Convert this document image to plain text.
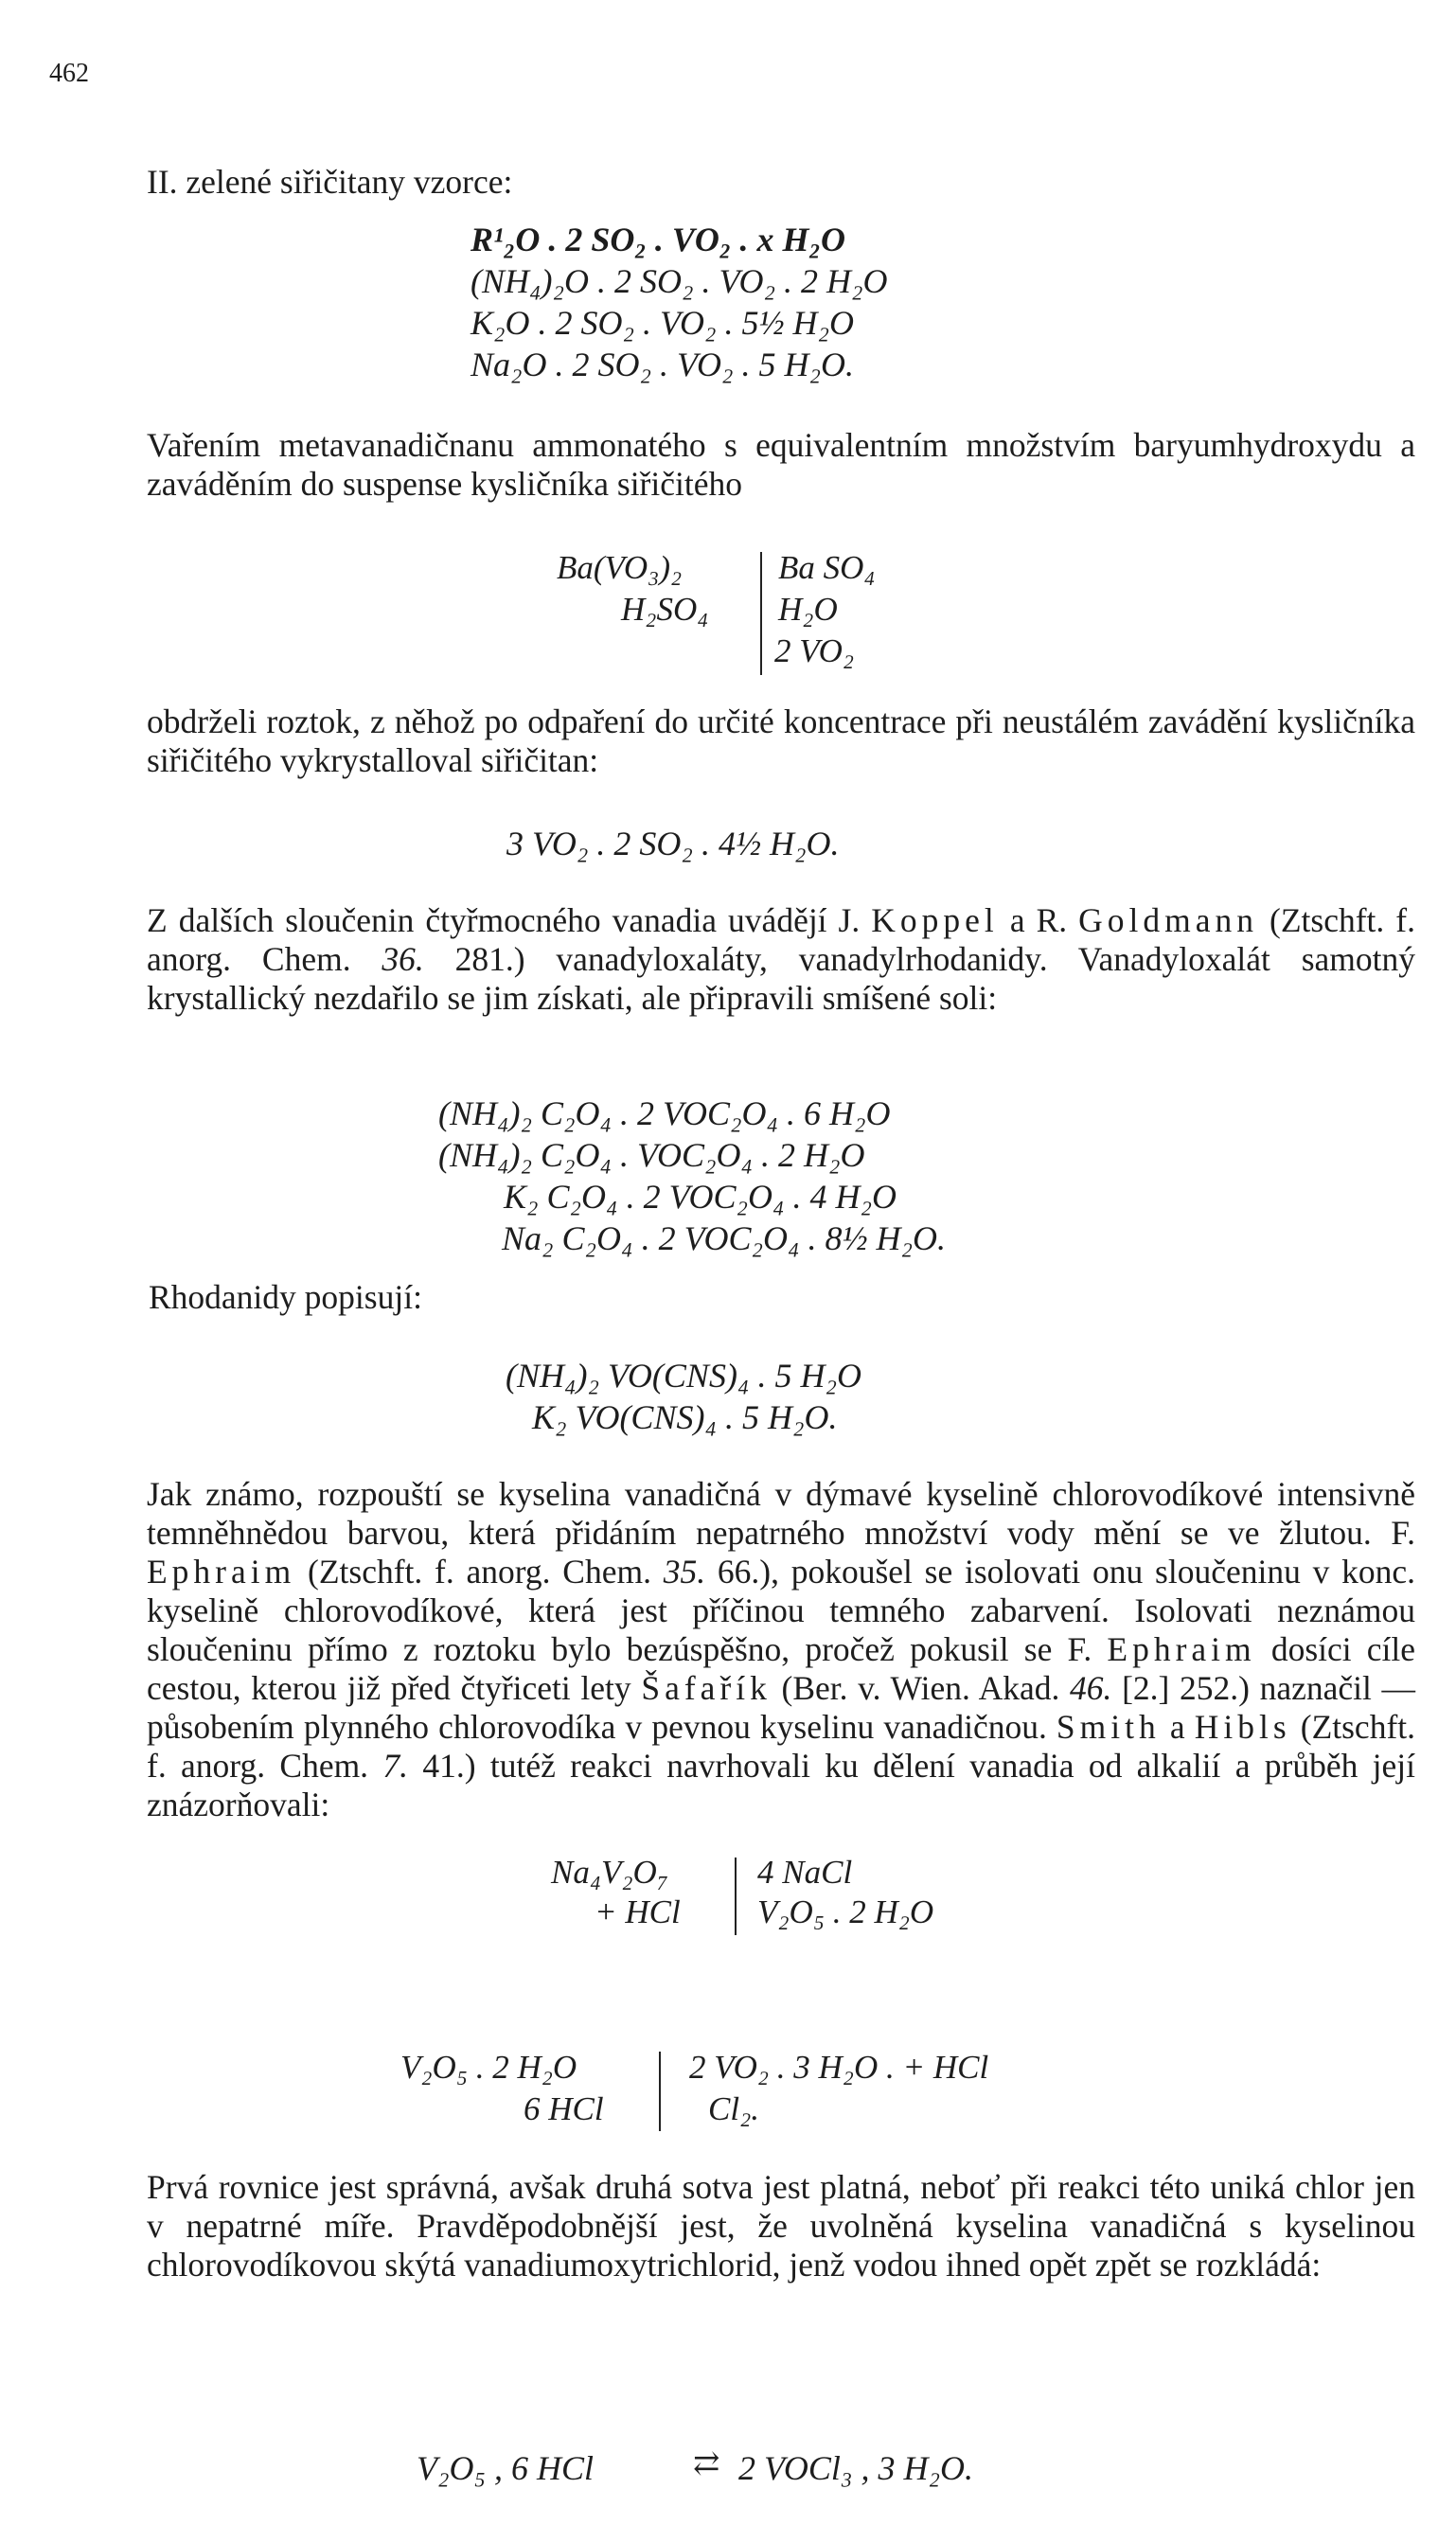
462
II. zelené siřičitany vzorce:
R¹₂O . 2 SO₂ . VO₂ . x H₂O
(NH₄)₂O . 2 SO₂ . VO₂ . 2 H₂O
K₂O . 2 SO₂ . VO₂ . 5½ H₂O
Na₂O . 2 SO₂ . VO₂ . 5 H₂O.
Vařením metavanadičnanu ammonatého s equivalentním množstvím baryumhydroxydu a zaváděním do suspense kysličníka siřičitého
Ba(VO₃)₂
H₂SO₄
Ba SO₄
H₂O
2 VO₂
obdrželi roztok, z něhož po odpaření do určité koncentrace při neustálém zavádění kysličníka siřičitého vykrystalloval siřičitan:
3 VO₂ . 2 SO₂ . 4½ H₂O.
Z dalších sloučenin čtyřmocného vanadia uvádějí J. Koppel a R. Goldmann (Ztschft. f. anorg. Chem. 36. 281.) vanadyloxaláty, vanadylrhodanidy. Vanadyloxalát samotný krystallický nezdařilo se jim získati, ale připravili smíšené soli:
(NH₄)₂ C₂O₄ . 2 VOC₂O₄ . 6 H₂O
(NH₄)₂ C₂O₄ . VOC₂O₄ . 2 H₂O
K₂ C₂O₄ . 2 VOC₂O₄ . 4 H₂O
Na₂ C₂O₄ . 2 VOC₂O₄ . 8½ H₂O.
Rhodanidy popisují:
(NH₄)₂ VO(CNS)₄ . 5 H₂O
K₂ VO(CNS)₄ . 5 H₂O.
Jak známo, rozpouští se kyselina vanadičná v dýmavé kyselině chlorovodíkové intensivně temněhnědou barvou, která přidáním nepatrného množství vody mění se ve žlutou. F. Ephraim (Ztschft. f. anorg. Chem. 35. 66.), pokoušel se isolovati onu sloučeninu v konc. kyselině chlorovodíkové, která jest příčinou temného zabarvení. Isolovati neznámou sloučeninu přímo z roztoku bylo bezúspěšno, pročež pokusil se F. Ephraim dosíci cíle cestou, kterou již před čtyřiceti lety Šafařík (Ber. v. Wien. Akad. 46. [2.] 252.) naznačil — působením plynného chlorovodíka v pevnou kyselinu vanadičnou. Smith a Hibls (Ztschft. f. anorg. Chem. 7. 41.) tutéž reakci navrhovali ku dělení vanadia od alkalií a průběh její znázorňovali:
Na₄V₂O₇
+ HCl
4 NaCl
V₂O₅ . 2 H₂O
V₂O₅ . 2 H₂O
6 HCl
2 VO₂ . 3 H₂O . + HCl
Cl₂.
Prvá rovnice jest správná, avšak druhá sotva jest platná, neboť při reakci této uniká chlor jen v nepatrné míře. Pravděpodobnější jest, že uvolněná kyselina vanadičná s kyselinou chlorovodíkovou skýtá vanadiumoxytrichlorid, jenž vodou ihned opět zpět se rozkládá:
V₂O₅ , 6 HCl	⇄ 2 VOCl₃ , 3 H₂O.
